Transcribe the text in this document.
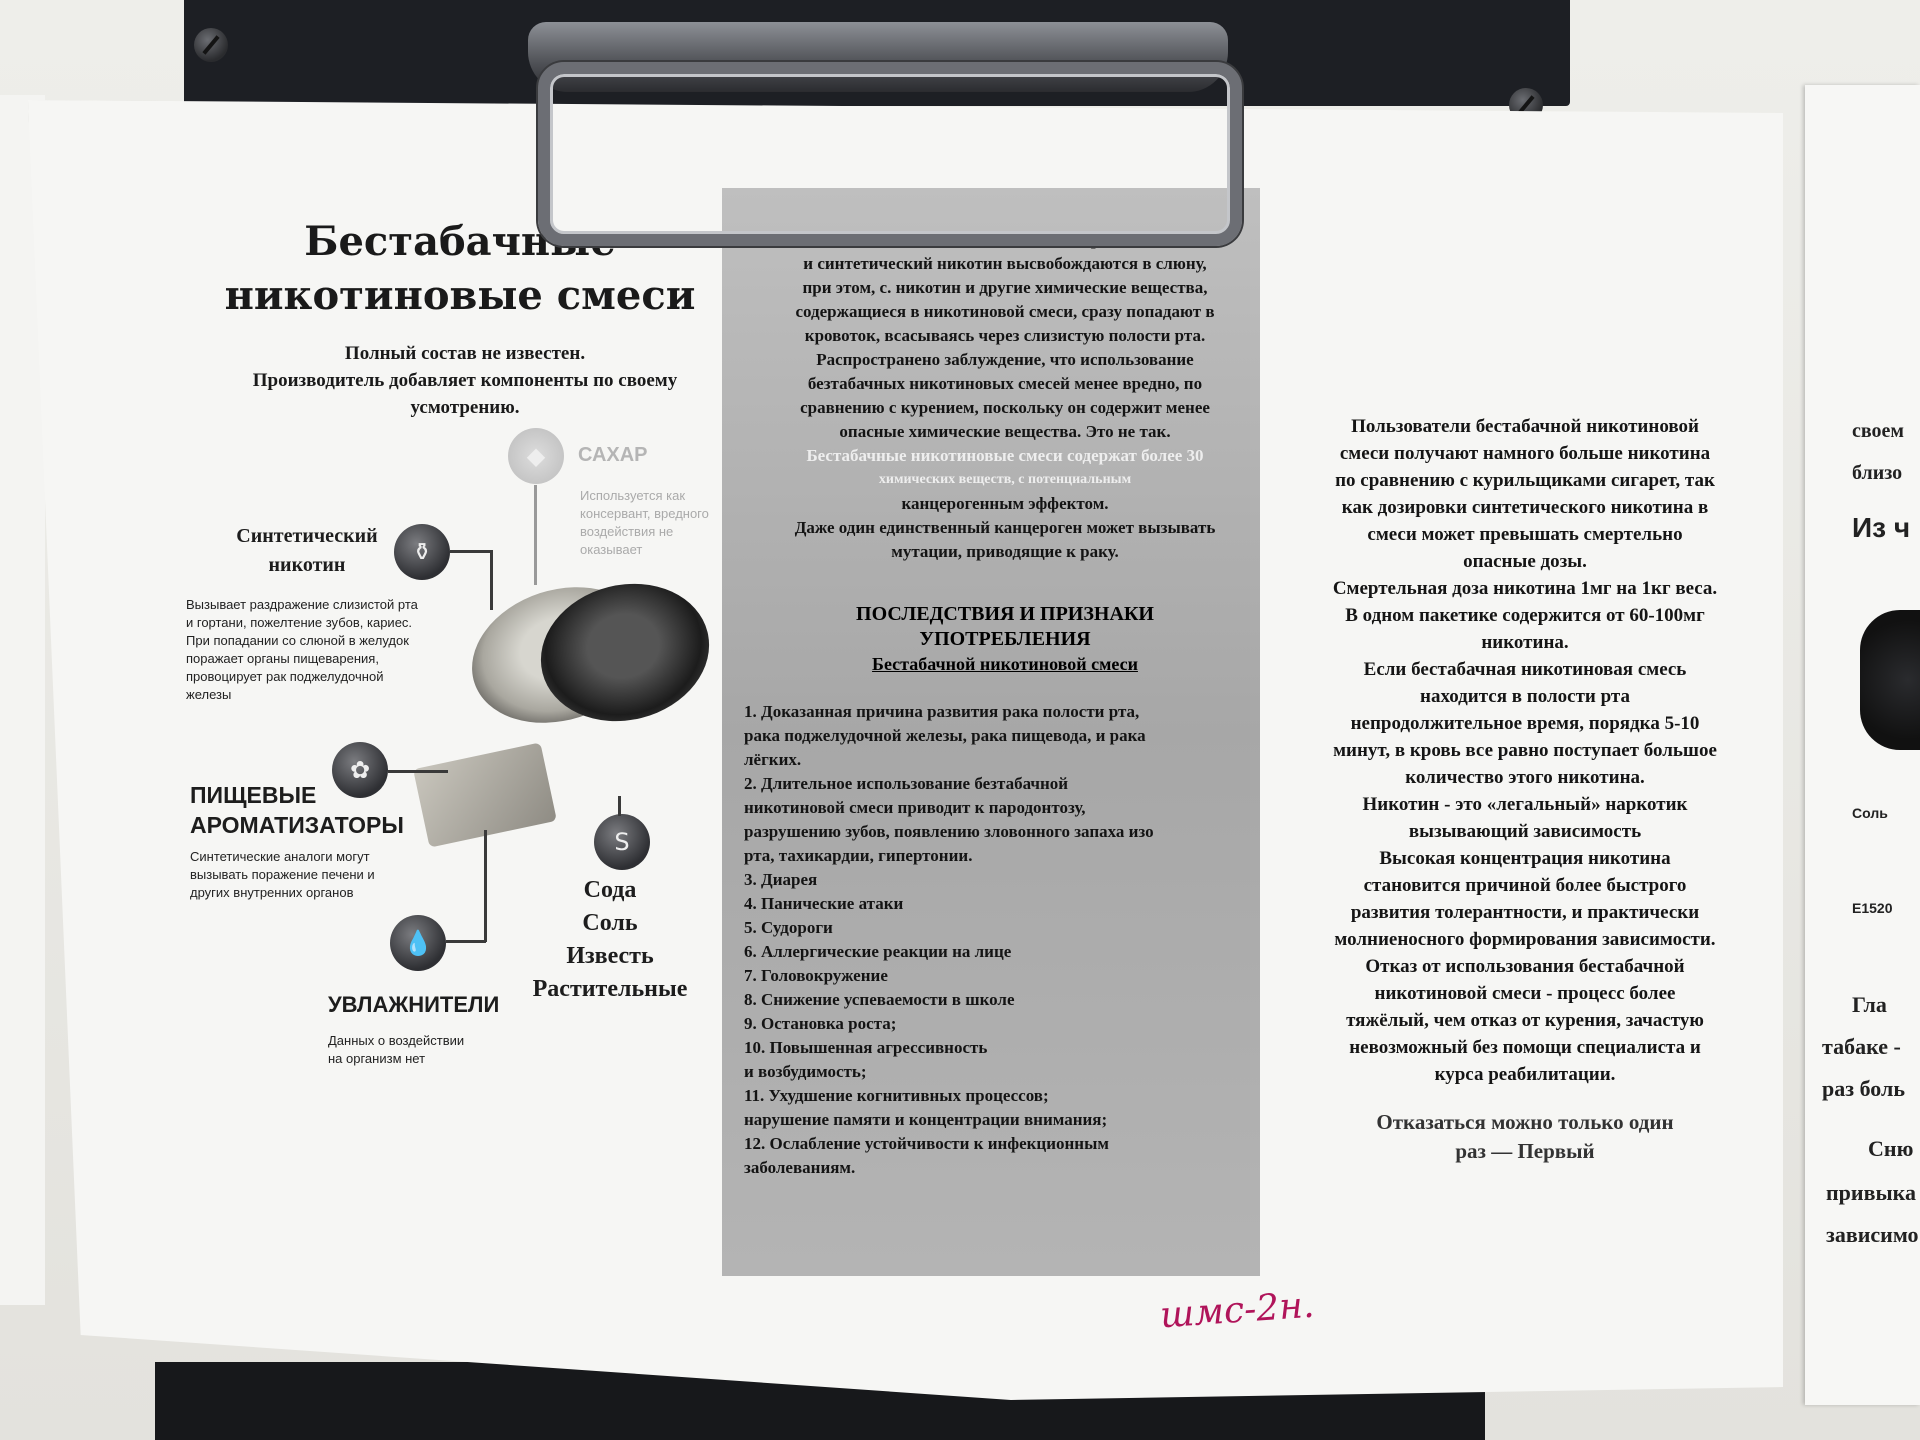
своем
близо
Из ч
Соль
E1520
Гла
табаке -
раз боль
Сню
привыка
зависимо
Бестабачные
никотиновые смеси
Полный состав не известен.
Производитель добавляет компоненты по своему
усмотрению.
◆	САХАР
Используется как
консервант, вредного
воздействия не
оказывает
Синтетический
никотин	⚱
Вызывает раздражение слизистой рта
и гортани, пожелтение зубов, кариес.
При попадании со слюной в желудок
поражает органы пищеварения,
провоцирует рак поджелудочной
железы
✿
ПИЩЕВЫЕ
АРОМАТИЗАТОРЫ
Синтетические аналоги могут
вызывать поражение печени и
других внутренних органов
💧
УВЛАЖНИТЕЛИ
Данных о воздействии
на организм нет
S
Сода
Соль
Известь
Растительные
Бестабачные никотиновые смеси, содержащие известь
и синтетический никотин высвобождаются в слюну,
при этом, с. никотин и другие химические вещества,
содержащиеся в никотиновой смеси, сразу попадают в
кровоток, всасываясь через слизистую полости рта.
Распространено заблуждение, что использование
безтабачных никотиновых смесей менее вредно, по
сравнению с курением, поскольку он содержит менее
опасные химические вещества. Это не так.
Бестабачные никотиновые смеси содержат более 30
химических веществ, с потенциальным
канцерогенным эффектом.
Даже один единственный канцероген может вызывать
мутации, приводящие к раку.
ПОСЛЕДСТВИЯ И ПРИЗНАКИ
УПОТРЕБЛЕНИЯ
Бестабачной никотиновой смеси
1. Доказанная причина развития рака полости рта,
рака поджелудочной железы, рака пищевода, и рака
лёгких.
2. Длительное использование безтабачной
никотиновой смеси приводит к пародонтозу,
разрушению зубов, появлению зловонного запаха изо
рта, тахикардии, гипертонии.
3. Диарея
4. Панические атаки
5. Судороги
6. Аллергические реакции на лице
7. Головокружение
8. Снижение успеваемости в школе
9. Остановка роста;
10. Повышенная агрессивность
и возбудимость;
11. Ухудшение когнитивных процессов;
нарушение памяти и концентрации внимания;
12. Ослабление устойчивости к инфекционным
заболеваниям.
Пользователи бестабачной никотиновой
смеси получают намного больше никотина
по сравнению с курильщиками сигарет, так
как дозировки синтетического никотина в
смеси может превышать смертельно
опасные дозы.
Смертельная доза никотина 1мг на 1кг веса.
В одном пакетике содержится от 60-100мг
никотина.
Если бестабачная никотиновая смесь
находится в полости рта
непродолжительное время, порядка 5-10
минут, в кровь все равно поступает большое
количество этого никотина.
Никотин - это «легальный» наркотик
вызывающий зависимость
Высокая концентрация никотина
становится причиной более быстрого
развития толерантности, и практически
молниеносного формирования зависимости.
Отказ от использования бестабачной
никотиновой смеси - процесс более
тяжёлый, чем отказ от курения, зачастую
невозможный без помощи специалиста и
курса реабилитации.
Отказаться можно только один
раз — Первый
шмс-2н.
